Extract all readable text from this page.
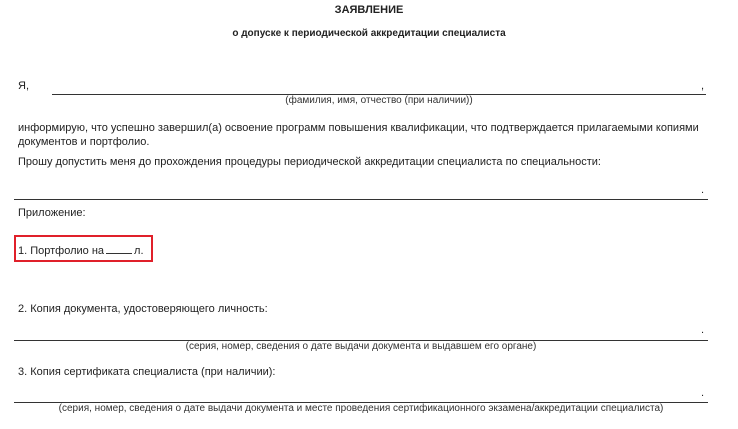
ЗАЯВЛЕНИЕ
о допуске к периодической аккредитации специалиста
Я,	,
(фамилия, имя, отчество (при наличии))
информирую, что успешно завершил(а) освоение программ повышения квалификации, что подтверждается прилагаемыми копиями документов и портфолио.
Прошу допустить меня до прохождения процедуры периодической аккредитации специалиста по специальности:
.
Приложение:
1. Портфолио на	л.
2. Копия документа, удостоверяющего личность:
.
(серия, номер, сведения о дате выдачи документа и выдавшем его органе)
3. Копия сертификата специалиста (при наличии):
.
(серия, номер, сведения о дате выдачи документа и месте проведения сертификационного экзамена/аккредитации специалиста)
